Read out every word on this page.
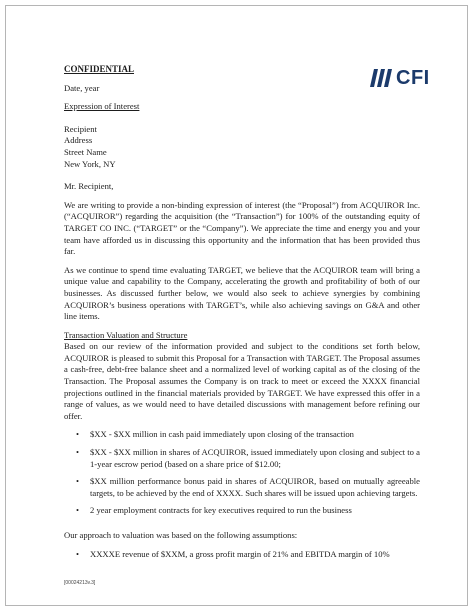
CFI
CONFIDENTIAL
Date, year
Expression of Interest
Recipient
Address
Street Name
New York, NY
Mr. Recipient,
We are writing to provide a non-binding expression of interest (the “Proposal”) from ACQUIROR Inc. (“ACQUIROR”) regarding the acquisition (the “Transaction”) for 100% of the outstanding equity of TARGET CO INC. (“TARGET” or the “Company”). We appreciate the time and energy you and your team have afforded us in discussing this opportunity and the information that has been provided thus far.
As we continue to spend time evaluating TARGET, we believe that the ACQUIROR team will bring a unique value and capability to the Company, accelerating the growth and profitability of both of our businesses. As discussed further below, we would also seek to achieve synergies by combining ACQUIROR’s business operations with TARGET’s, while also achieving savings on G&A and other line items.
Transaction Valuation and Structure
Based on our review of the information provided and subject to the conditions set forth below, ACQUIROR is pleased to submit this Proposal for a Transaction with TARGET. The Proposal assumes a cash-free, debt-free balance sheet and a normalized level of working capital as of the closing of the Transaction. The Proposal assumes the Company is on track to meet or exceed the XXXX financial projections outlined in the financial materials provided by TARGET. We have expressed this offer in a range of values, as we would need to have detailed discussions with management before refining our offer.
• $XX - $XX million in cash paid immediately upon closing of the transaction
• $XX - $XX million in shares of ACQUIROR, issued immediately upon closing and subject to a 1-year escrow period (based on a share price of $12.00;
• $XX million performance bonus paid in shares of ACQUIROR, based on mutually agreeable targets, to be achieved by the end of XXXX. Such shares will be issued upon achieving targets.
• 2 year employment contracts for key executives required to run the business
Our approach to valuation was based on the following assumptions:
• XXXXE revenue of $XXM, a gross profit margin of 21% and EBITDA margin of 10%
[00024213v.3]
